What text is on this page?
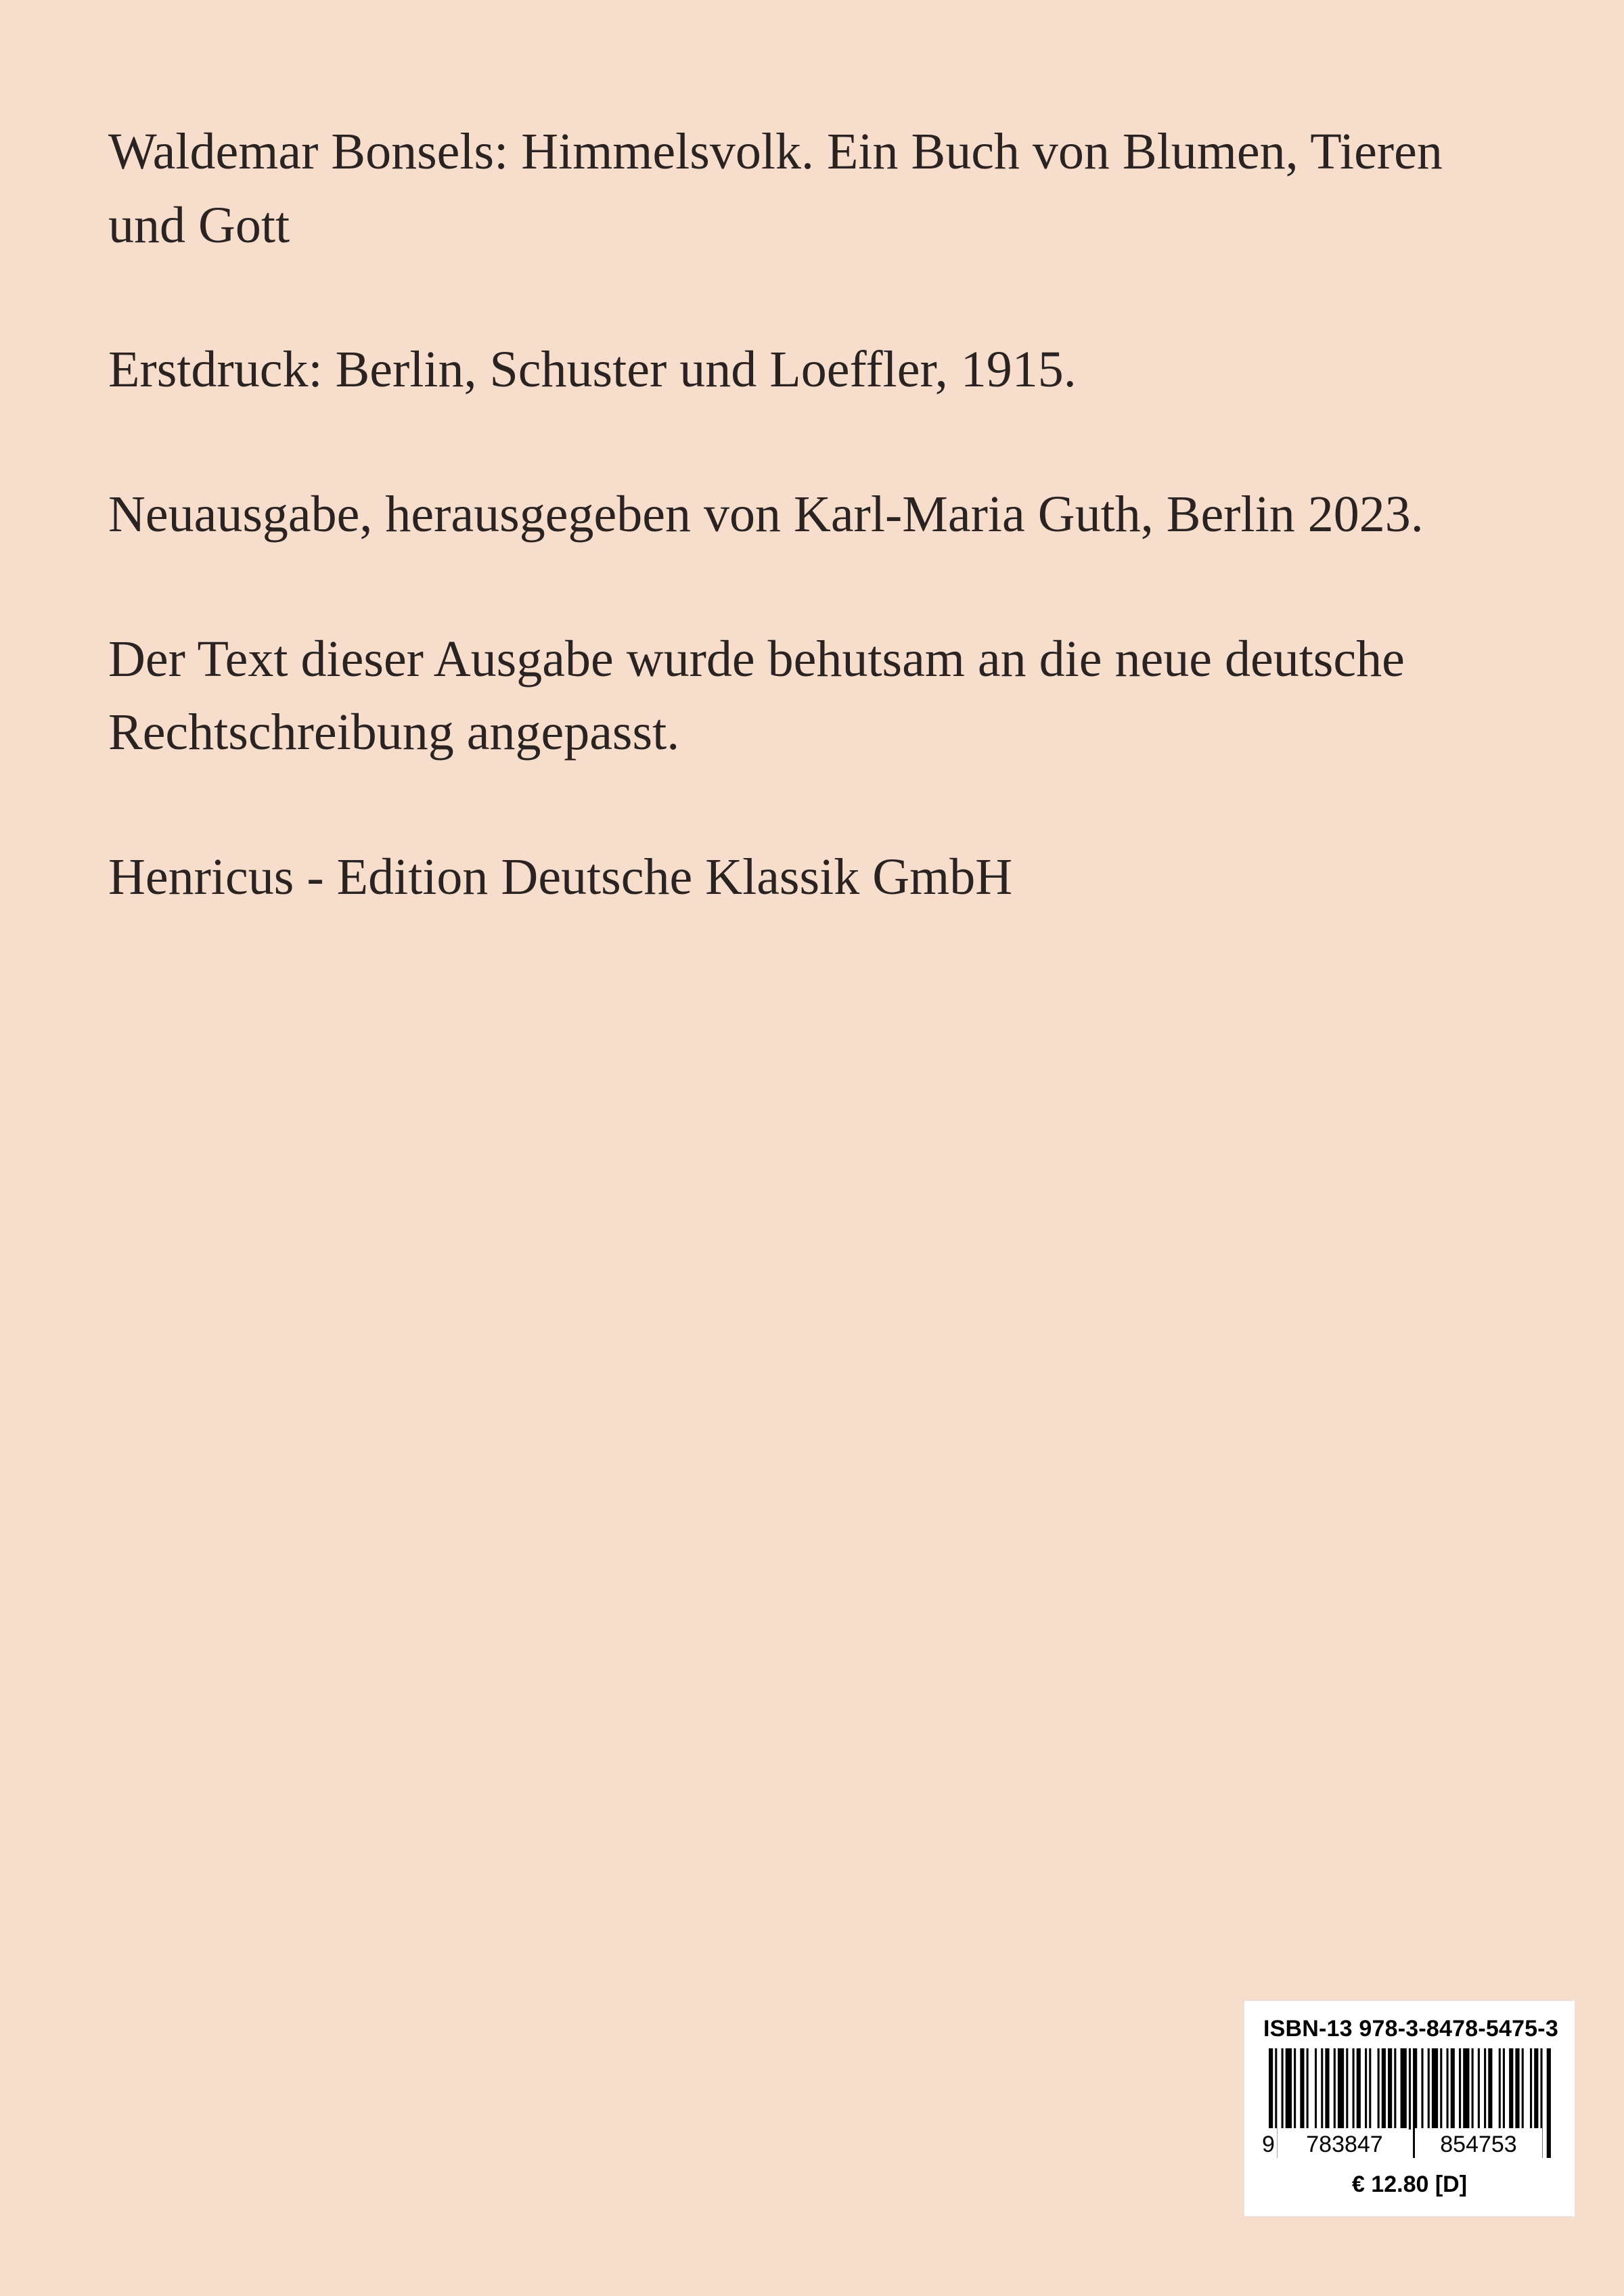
Waldemar Bonsels: Himmelsvolk. Ein Buch von Blumen, Tieren und Gott

Erstdruck: Berlin, Schuster und Loeffler, 1915.

Neuausgabe, herausgegeben von Karl-Maria Guth, Berlin 2023.

Der Text dieser Ausgabe wurde behutsam an die neue deutsche Rechtschreibung angepasst.

Henricus - Edition Deutsche Klassik GmbH

ISBN-13 978-3-8478-5475-3
9	783847	854753
€ 12.80 [D]
